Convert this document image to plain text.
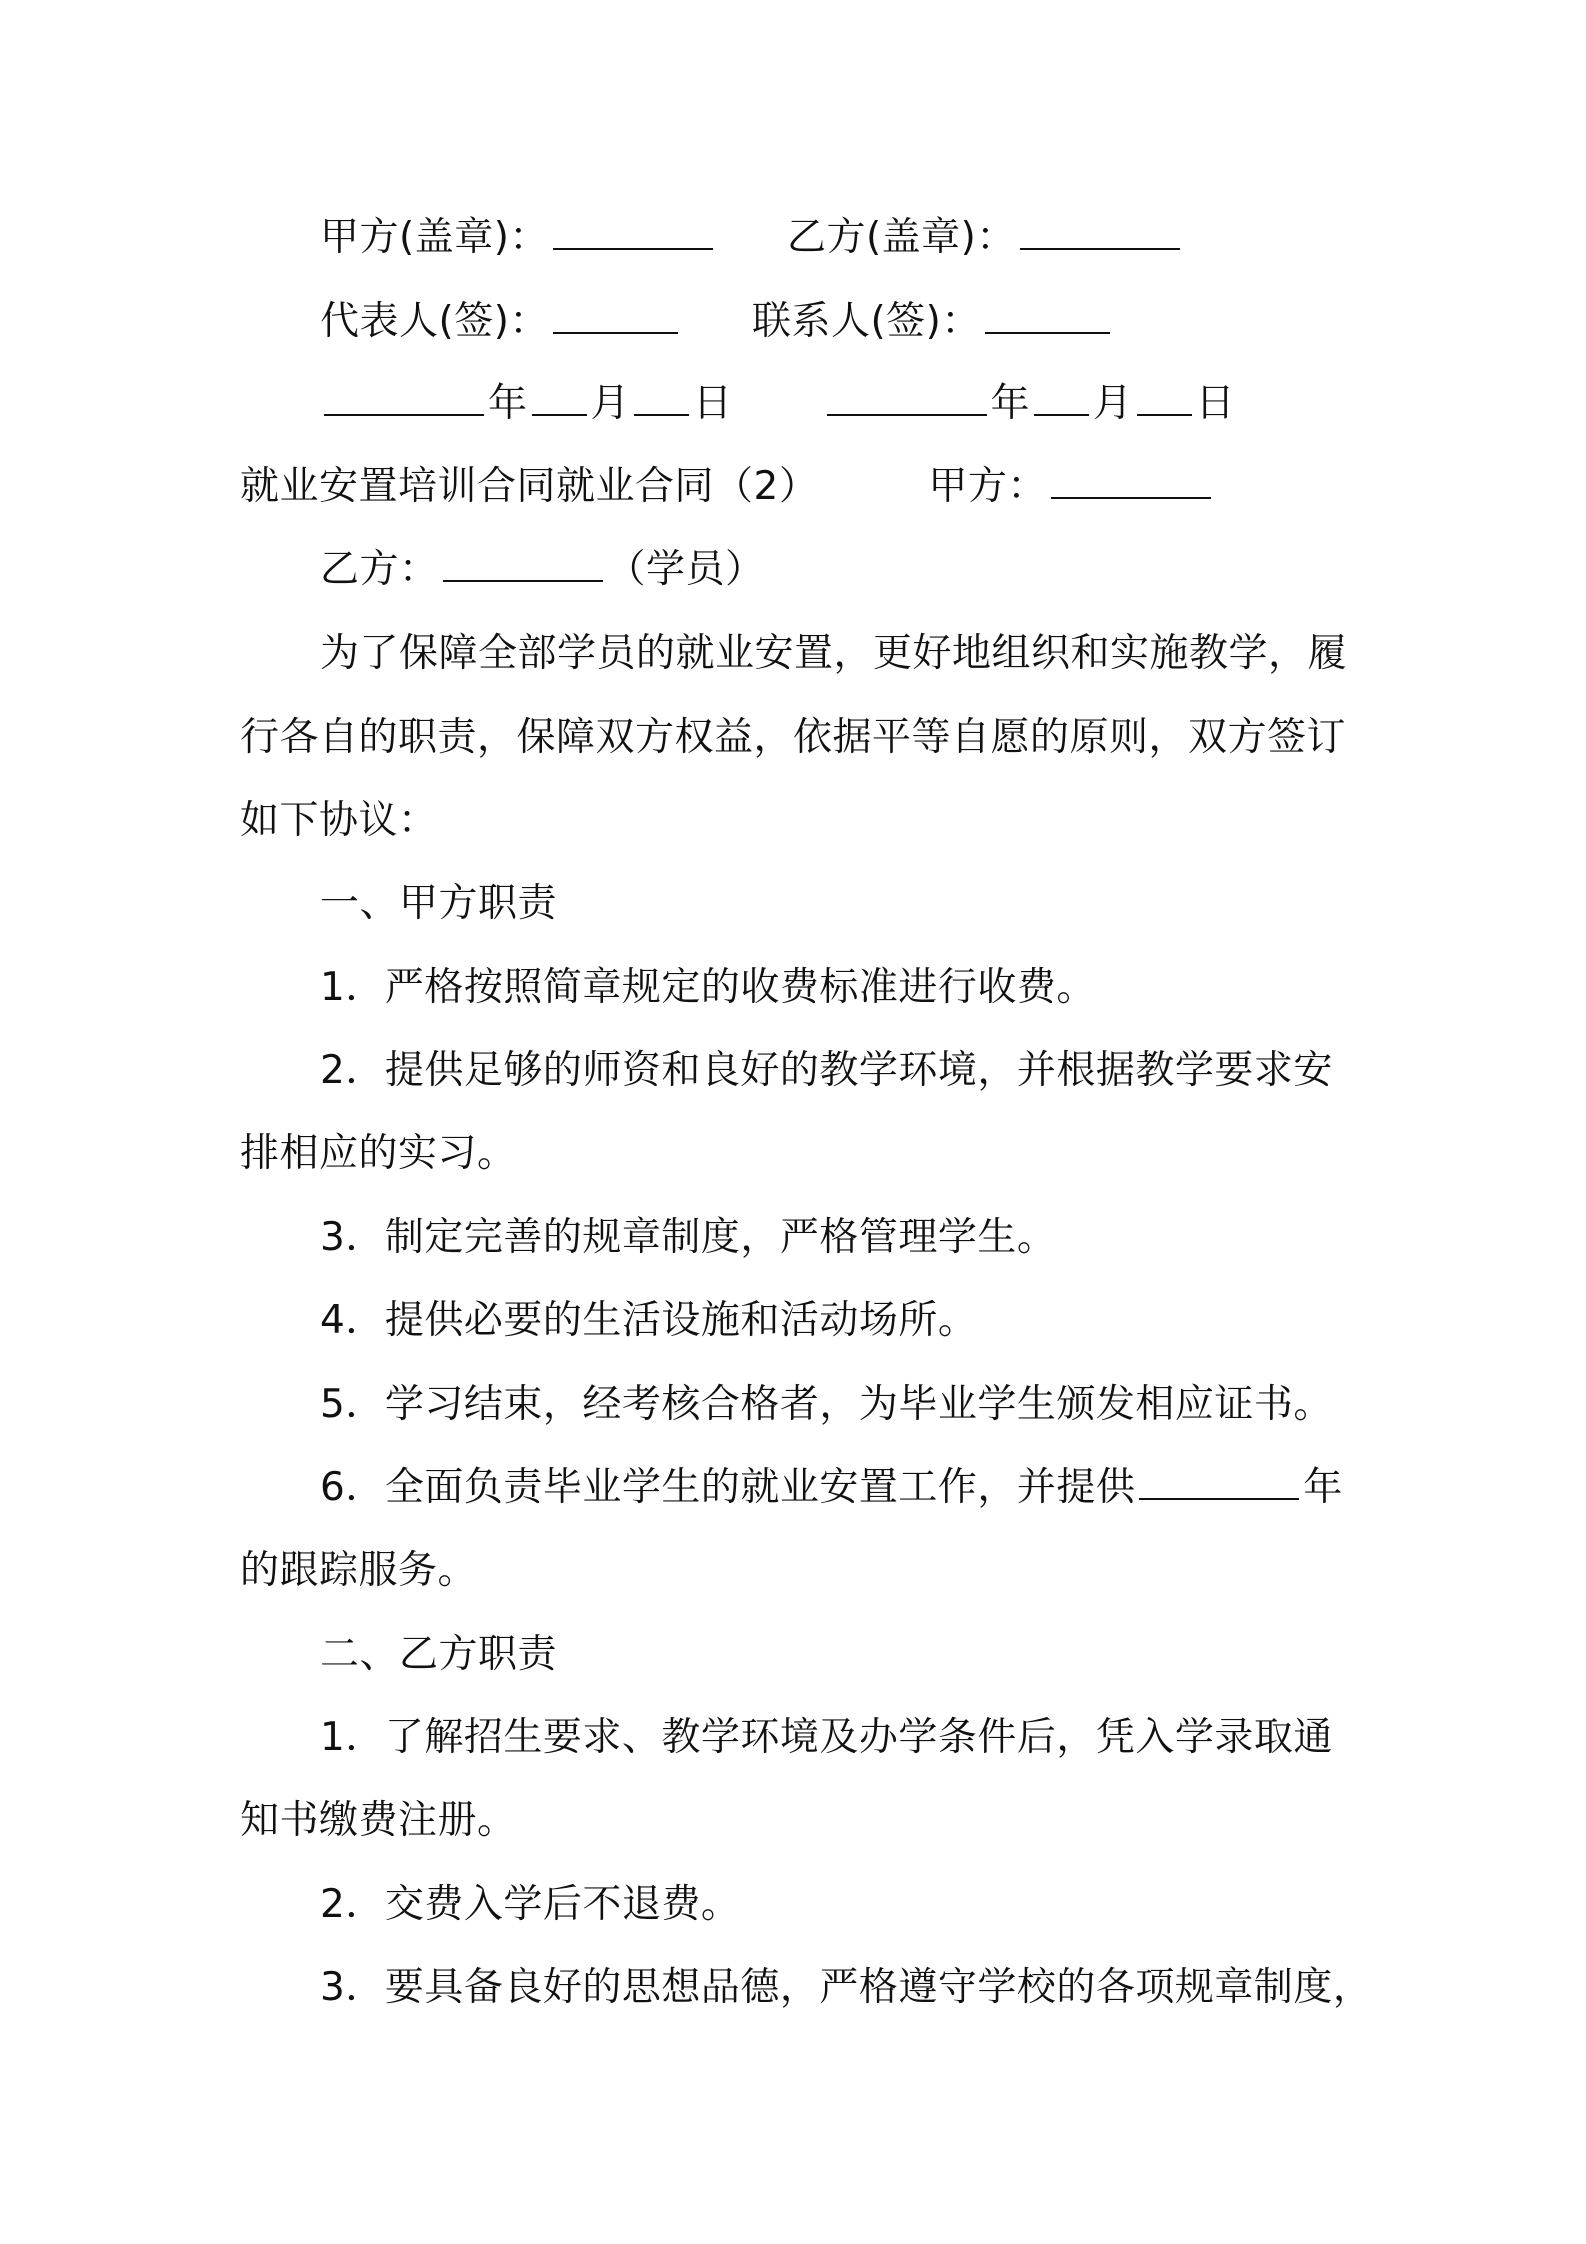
甲方(盖章)：	乙方(盖章)：
代表人(签)：	联系人(签)：
年 月 日	年 月 日
就业安置培训合同就业合同（2）	甲方：
乙方：	（学员）
为了保障全部学员的就业安置，更好地组织和实施教学，履
行各自的职责，保障双方权益，依据平等自愿的原则，双方签订
如下协议：
一、甲方职责
1．严格按照简章规定的收费标准进行收费。
2．提供足够的师资和良好的教学环境，并根据教学要求安
排相应的实习。
3．制定完善的规章制度，严格管理学生。
4．提供必要的生活设施和活动场所。
5．学习结束，经考核合格者，为毕业学生颁发相应证书。
6．全面负责毕业学生的就业安置工作，并提供	年
的跟踪服务。
二、乙方职责
1．了解招生要求、教学环境及办学条件后，凭入学录取通
知书缴费注册。
2．交费入学后不退费。
3．要具备良好的思想品德，严格遵守学校的各项规章制度，
